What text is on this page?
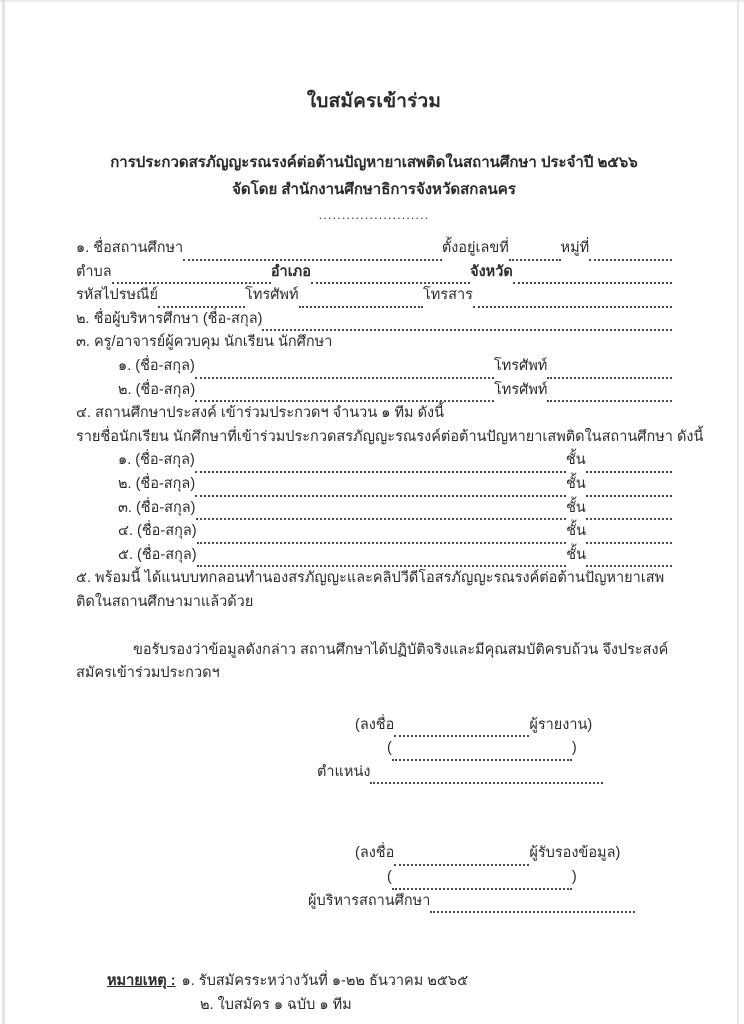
ใบสมัครเข้าร่วม
การประกวดสรภัญญะรณรงค์ต่อต้านปัญหายาเสพติดในสถานศึกษา ประจำปี ๒๕๖๖
จัดโดย สำนักงานศึกษาธิการจังหวัดสกลนคร
........................
๑. ชื่อสถานศึกษา	ตั้งอยู่เลขที่	หมู่ที่
ตำบล	อำเภอ	จังหวัด
รหัสไปรษณีย์	โทรศัพท์	โทรสาร
๒. ชื่อผู้บริหารศึกษา (ชื่อ-สกุล)
๓. ครู/อาจารย์ผู้ควบคุม นักเรียน นักศึกษา
๑. (ชื่อ-สกุล)	โทรศัพท์
๒. (ชื่อ-สกุล)	โทรศัพท์
๔. สถานศึกษาประสงค์ เข้าร่วมประกวดฯ จำนวน ๑ ทีม ดังนี้
รายชื่อนักเรียน นักศึกษาที่เข้าร่วมประกวดสรภัญญะรณรงค์ต่อต้านปัญหายาเสพติดในสถานศึกษา ดังนี้
๑. (ชื่อ-สกุล)	ชั้น
๒. (ชื่อ-สกุล)	ชั้น
๓. (ชื่อ-สกุล)	ชั้น
๔. (ชื่อ-สกุล)	ชั้น
๕. (ชื่อ-สกุล)	ชั้น
๕. พร้อมนี้ ได้แนบบทกลอนทำนองสรภัญญะและคลิปวีดีโอสรภัญญะรณรงค์ต่อต้านปัญหายาเสพติดในสถานศึกษามาแล้วด้วย
ขอรับรองว่าข้อมูลดังกล่าว สถานศึกษาได้ปฏิบัติจริงและมีคุณสมบัติครบถ้วน จึงประสงค์สมัครเข้าร่วมประกวดฯ
(ลงชื่อ	ผู้รายงาน)
(	)
ตำแหน่ง
(ลงชื่อ	ผู้รับรองข้อมูล)
(	)
ผู้บริหารสถานศึกษา
หมายเหตุ : ๑. รับสมัครระหว่างวันที่ ๑-๒๒ ธันวาคม ๒๕๖๕
๒. ใบสมัคร ๑ ฉบับ ๑ ทีม
